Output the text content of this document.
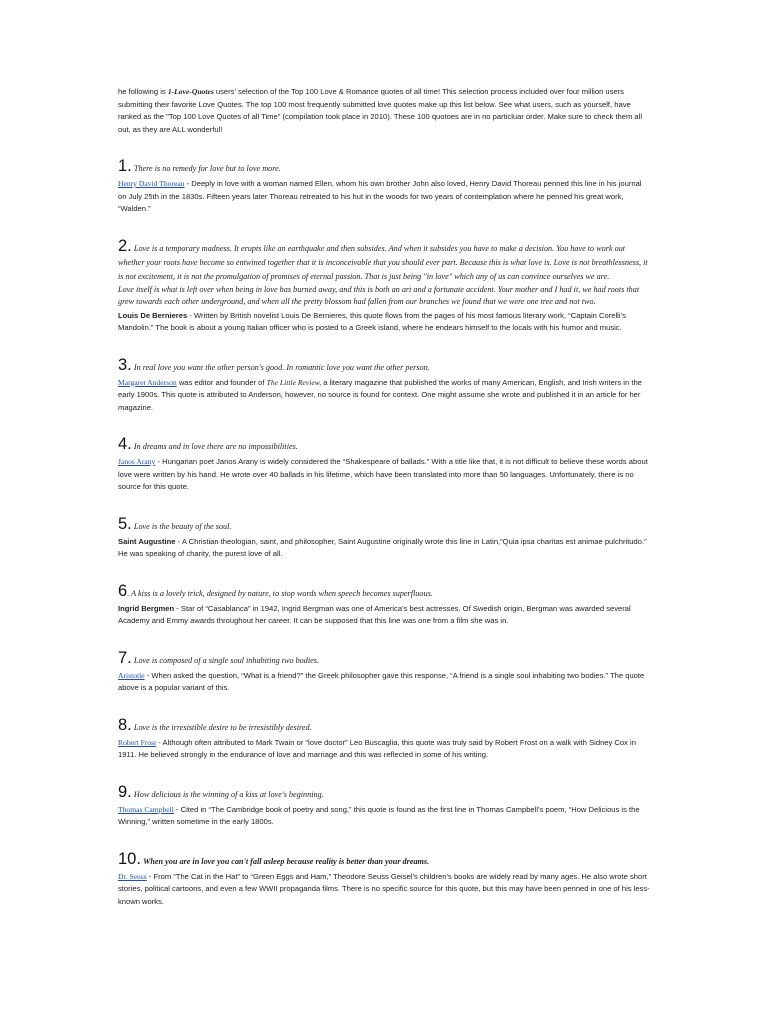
he following is 1-Love-Quotes users' selection of the Top 100 Love & Romance quotes of all time! This selection process included over four million users submitting their favorite Love Quotes. The top 100 most frequently submitted love quotes make up this list below. See what users, such as yourself, have ranked as the "Top 100 Love Quotes of all Time" (compilation took place in 2010). These 100 quotoes are in no particluar order. Make sure to check them all out, as they are ALL wonderful!

1. There is no remedy for love but to love more.

Henry David Thoreau - Deeply in love with a woman named Ellen, whom his own brother John also loved, Henry David Thoreau penned this line in his journal on July 25th in the 1830s. Fifteen years later Thoreau retreated to his hut in the woods for two years of contemplation where he penned his great work, “Walden.”

2. Love is a temporary madness. It erupts like an earthquake and then subsides. And when it subsides you have to make a decision. You have to work out whether your roots have become so entwined together that it is inconceivable that you should ever part. Because this is what love is. Love is not breathlessness, it is not excitement, it is not the promulgation of promises of eternal passion. That is just being "in love" which any of us can convince ourselves we are.

Love itself is what is left over when being in love has burned away, and this is both an art and a fortunate accident. Your mother and I had it, we had roots that grew towards each other underground, and when all the pretty blossom had fallen from our branches we found that we were one tree and not two.

Louis De Bernieres - Written by British novelist Louis De Bernieres, this quote flows from the pages of his most famous literary work, “Captain Corelli’s Mandolin.” The book is about a young Italian officer who is posted to a Greek island, where he endears himself to the locals with his humor and music.

3. In real love you want the other person's good. In romantic love you want the other person.

Margaret Anderson was editor and founder of The Little Review, a literary magazine that published the works of many American, English, and Irish writers in the early 1900s. This quote is attributed to Anderson, however, no source is found for context. One might assume she wrote and published it in an article for her magazine.

4. In dreams and in love there are no impossibilities.

Janos Arany - Hungarian poet Janos Arany is widely considered the “Shakespeare of ballads.” With a title like that, it is not difficult to believe these words about love were written by his hand. He wrote over 40 ballads in his lifetime, which have been translated into more than 50 languages. Unfortunately, there is no source for this quote.

5. Love is the beauty of the soul.

Saint Augustine - A Christian theologian, saint, and philosopher, Saint Augustine originally wrote this line in Latin,“Quia ipsa charitas est animae pulchritudo.” He was speaking of charity, the purest love of all.

6. A kiss is a lovely trick, designed by nature, to stop words when speech becomes superfluous.

Ingrid Bergmen - Star of “Casablanca” in 1942, Ingrid Bergman was one of America’s best actresses. Of Swedish origin, Bergman was awarded several Academy and Emmy awards throughout her career. It can be supposed that this line was one from a film she was in.

7. Love is composed of a single soul inhabiting two bodies.

Aristotle - When asked the question, “What is a friend?” the Greek philosopher gave this response, “A friend is a single soul inhabiting two bodies.” The quote above is a popular variant of this.

8. Love is the irresistible desire to be irresistibly desired.

Robert Frost - Although often attributed to Mark Twain or “love doctor” Leo Buscaglia, this quote was truly said by Robert Frost on a walk with Sidney Cox in 1911. He believed strongly in the endurance of love and marriage and this was reflected in some of his writing.

9. How delicious is the winning of a kiss at love's beginning.

Thomas Campbell - Cited in “The Cambridge book of poetry and song,” this quote is found as the first line in Thomas Campbell’s poem, “How Delicious is the Winning,” written sometime in the early 1800s.

10. When you are in love you can't fall asleep because reality is better than your dreams.

Dr. Seuss - From “The Cat in the Hat” to “Green Eggs and Ham,” Theodore Seuss Geisel’s children’s books are widely read by many ages. He also wrote short stories, political cartoons, and even a few WWII propaganda films. There is no specific source for this quote, but this may have been penned in one of his less-known works.
